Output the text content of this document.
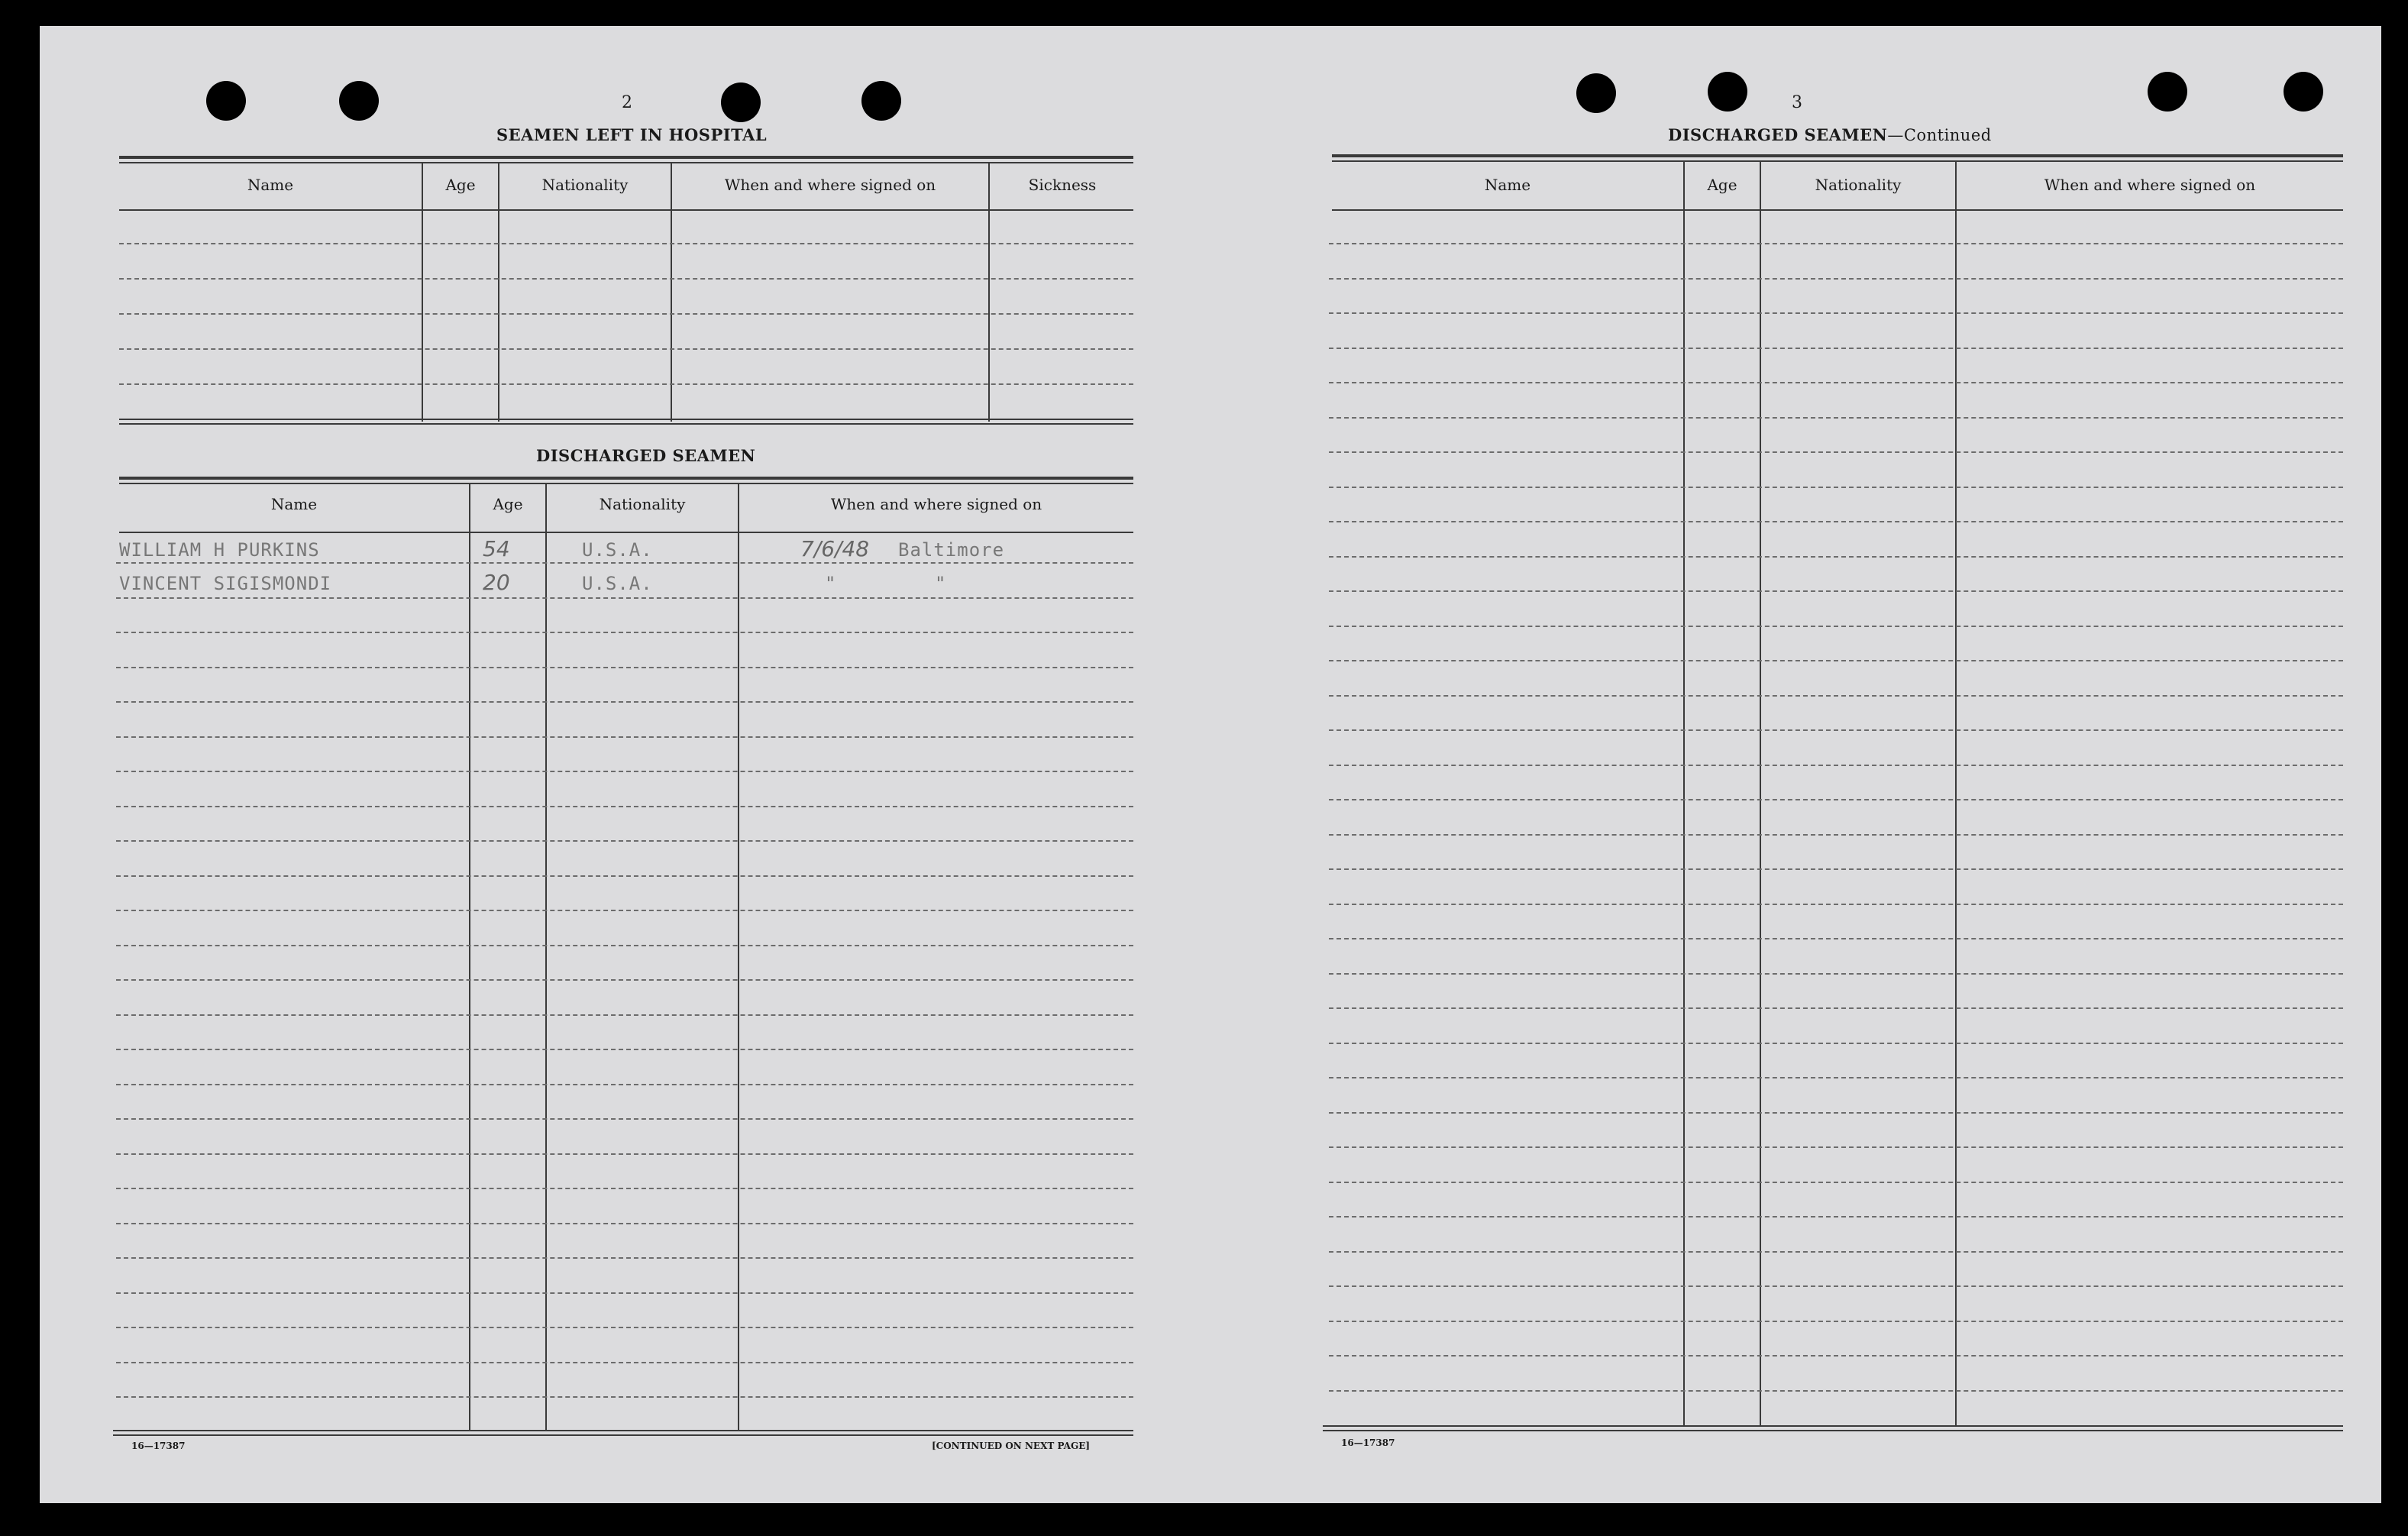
2
SEAMEN LEFT IN HOSPITAL
Name	Age	Nationality	When and where signed on	Sickness
DISCHARGED SEAMEN
Name	Age	Nationality	When and where signed on
WILLIAM H PURKINS	54	U.S.A.	7/6/48 Baltimore
VINCENT SIGISMONDI	20	U.S.A.	"	"
16—17387	[CONTINUED ON NEXT PAGE]
3
DISCHARGED SEAMEN—Continued
Name	Age	Nationality	When and where signed on
16—17387
